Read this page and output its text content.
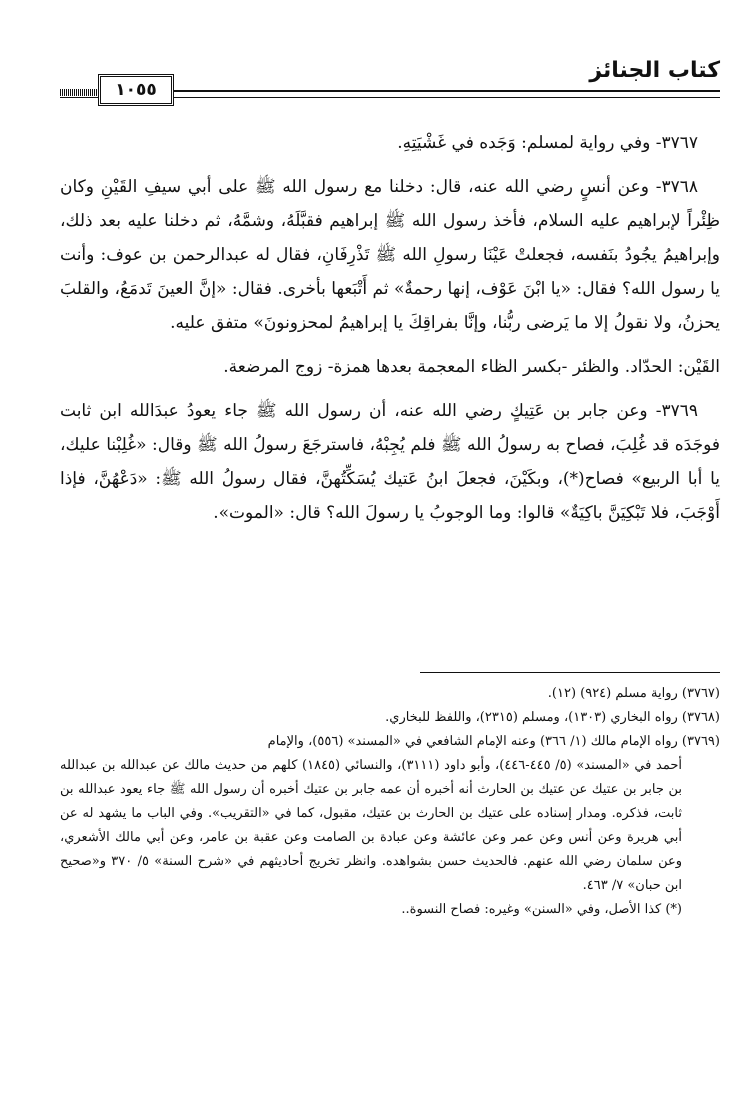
كتاب الجنائز
١٠٥٥

٣٧٦٧- وفي رواية لمسلم: وَجَده في غَشْيَتِهِ.

٣٧٦٨- وعن أنسٍ رضي الله عنه، قال: دخلنا مع رسول الله ﷺ على أبي سيفِ القَيْنِ وكان ظِئْراً لإبراهيم عليه السلام، فأخذ رسول الله ﷺ إبراهيم فقبَّلَهُ، وشمَّهُ، ثم دخلنا عليه بعد ذلك، وإبراهيمُ يجُودُ بنَفسه، فجعلتْ عَيْنَا رسولِ الله ﷺ تَذْرِفَانِ، فقال له عبدالرحمن بن عوف: وأنت يا رسول الله؟ فقال: «يا ابْنَ عَوْف، إنها رحمةٌ» ثم أَتْبَعها بأخرى. فقال: «إنَّ العينَ تَدمَعُ، والقلبَ يحزنُ، ولا نقولُ إلا ما يَرضى ربُّنا، وإنَّا بفراقِكَ يا إبراهيمُ لمحزونونَ» متفق عليه.

القَيْن: الحدّاد. والظئر -بكسر الظاء المعجمة بعدها همزة- زوج المرضعة.

٣٧٦٩- وعن جابر بن عَتِيكٍ رضي الله عنه، أن رسول الله ﷺ جاء يعودُ عبدَالله ابن ثابت فوجَدَه قد غُلِبَ، فصاح به رسولُ الله ﷺ فلم يُجِبْهُ، فاسترجَعَ رسولُ الله ﷺ وقال: «غُلِبْنا عليك، يا أبا الربيع» فصاح(*)، وبكَيْنَ، فجعلَ ابنُ عَتيك يُسَكِّتُهنَّ، فقال رسولُ الله ﷺ: «دَعْهُنَّ، فإذا أَوْجَبَ، فلا تَبْكِيَنَّ باكِيَةٌ» قالوا: وما الوجوبُ يا رسولَ الله؟ قال: «الموت».

(٣٧٦٧) رواية مسلم (٩٢٤) (١٢).

(٣٧٦٨) رواه البخاري (١٣٠٣)، ومسلم (٢٣١٥)، واللفظ للبخاري.

(٣٧٦٩) رواه الإمام مالك (١/ ٣٦٦) وعنه الإمام الشافعي في «المسند» (٥٥٦)، والإمام

أحمد في «المسند» (٥/ ٤٤٥-٤٤٦)، وأبو داود (٣١١١)، والنسائي (١٨٤٥) كلهم من حديث مالك عن عبدالله بن عبدالله بن جابر بن عتيك عن عتيك بن الحارث أنه أخبره أن عمه جابر بن عتيك أخبره أن رسول الله ﷺ جاء يعود عبدالله بن ثابت، فذكره. ومدار إسناده على عتيك بن الحارث بن عتيك، مقبول، كما في «التقريب». وفي الباب ما يشهد له عن أبي هريرة وعن أنس وعن عمر وعن عائشة وعن عبادة بن الصامت وعن عقبة بن عامر، وعن أبي مالك الأشعري، وعن سلمان رضي الله عنهم. فالحديث حسن بشواهده. وانظر تخريج أحاديثهم في «شرح السنة» ٥/ ٣٧٠ و«صحيح ابن حبان» ٧/ ٤٦٣.

(*) كذا الأصل، وفي «السنن» وغيره: فصاح النسوة..
